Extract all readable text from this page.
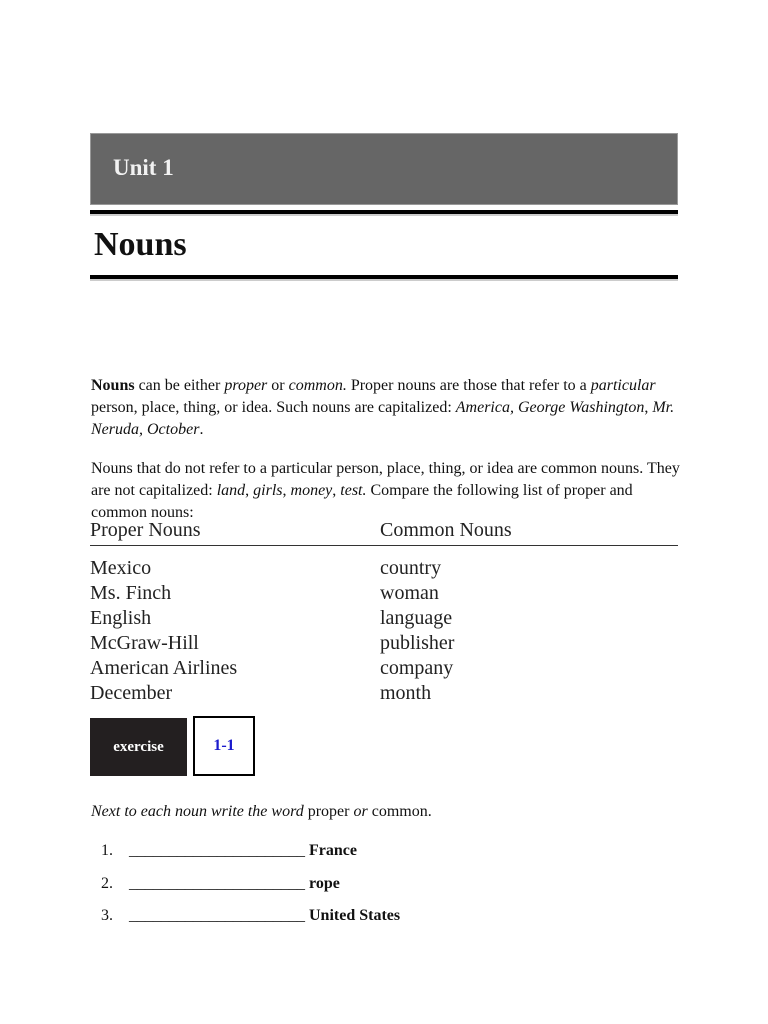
Unit 1
Nouns
Nouns can be either proper or common. Proper nouns are those that refer to a particular person, place, thing, or idea. Such nouns are capitalized: America, George Washington, Mr. Neruda, October.
Nouns that do not refer to a particular person, place, thing, or idea are common nouns. They are not capitalized: land, girls, money, test. Compare the following list of proper and common nouns:
Proper Nouns	Common Nouns
Mexico	country
Ms. Finch	woman
English	language
McGraw-Hill	publisher
American Airlines	company
December	month
exercise	1-1
Next to each noun write the word proper or common.
1. ______________________ France
2. ______________________ rope
3. ______________________ United States
